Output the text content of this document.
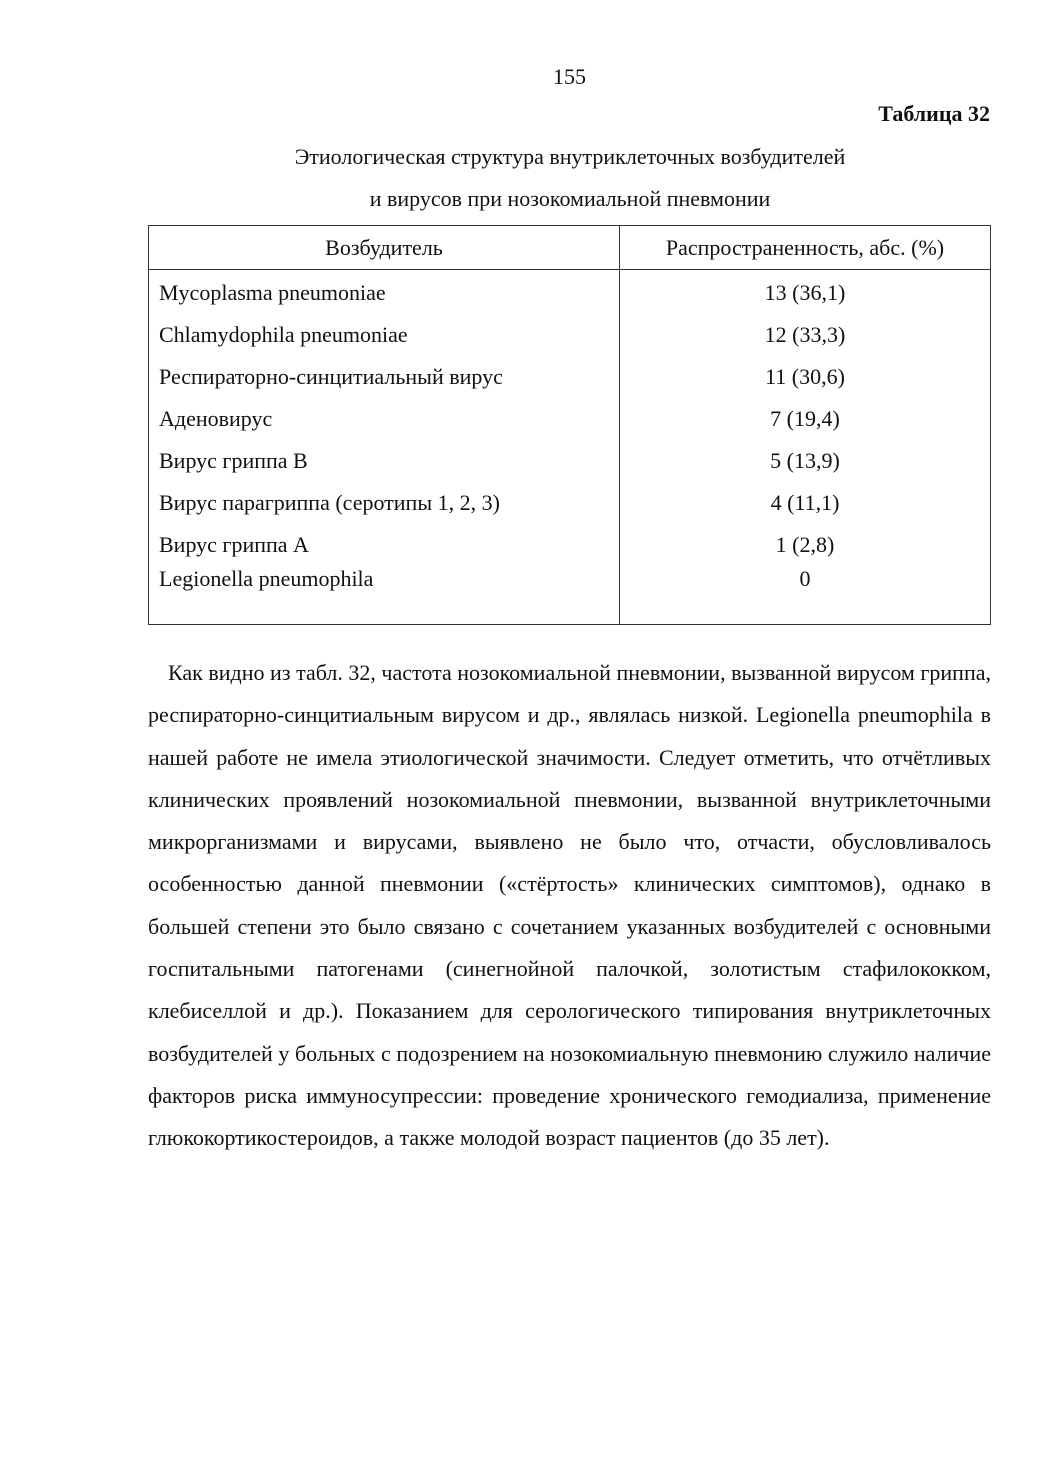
155
Таблица 32
Этиологическая структура внутриклеточных возбудителей
и вирусов при нозокомиальной пневмонии
Возбудитель	Распространенность, абс. (%)
Mycoplasma pneumoniae	13 (36,1)
Chlamydophila pneumoniae	12 (33,3)
Респираторно-синцитиальный вирус	11 (30,6)
Аденовирус	7 (19,4)
Вирус гриппа B	5 (13,9)
Вирус парагриппа (серотипы 1, 2, 3)	4 (11,1)
Вирус гриппа A	1 (2,8)
Legionella pneumophila	0

Как видно из табл. 32, частота нозокомиальной пневмонии, вызванной вирусом гриппа, респираторно-синцитиальным вирусом и др., являлась низкой. Legionella pneumophila в нашей работе не имела этиологической значимости. Следует отметить, что отчётливых клинических проявлений нозокомиальной пневмонии, вызванной внутриклеточными микрорганизмами и вирусами, выявлено не было что, отчасти, обусловливалось особенностью данной пневмонии («стёртость» клинических симптомов), однако в большей степени это было связано с сочетанием указанных возбудителей с основными госпитальными патогенами (синегнойной палочкой, золотистым стафилококком, клебиселлой и др.). Показанием для серологического типирования внутриклеточных возбудителей у больных с подозрением на нозокомиальную пневмонию служило наличие факторов риска иммуносупрессии: проведение хронического гемодиализа, применение глюкокортикостероидов, а также молодой возраст пациентов (до 35 лет).
